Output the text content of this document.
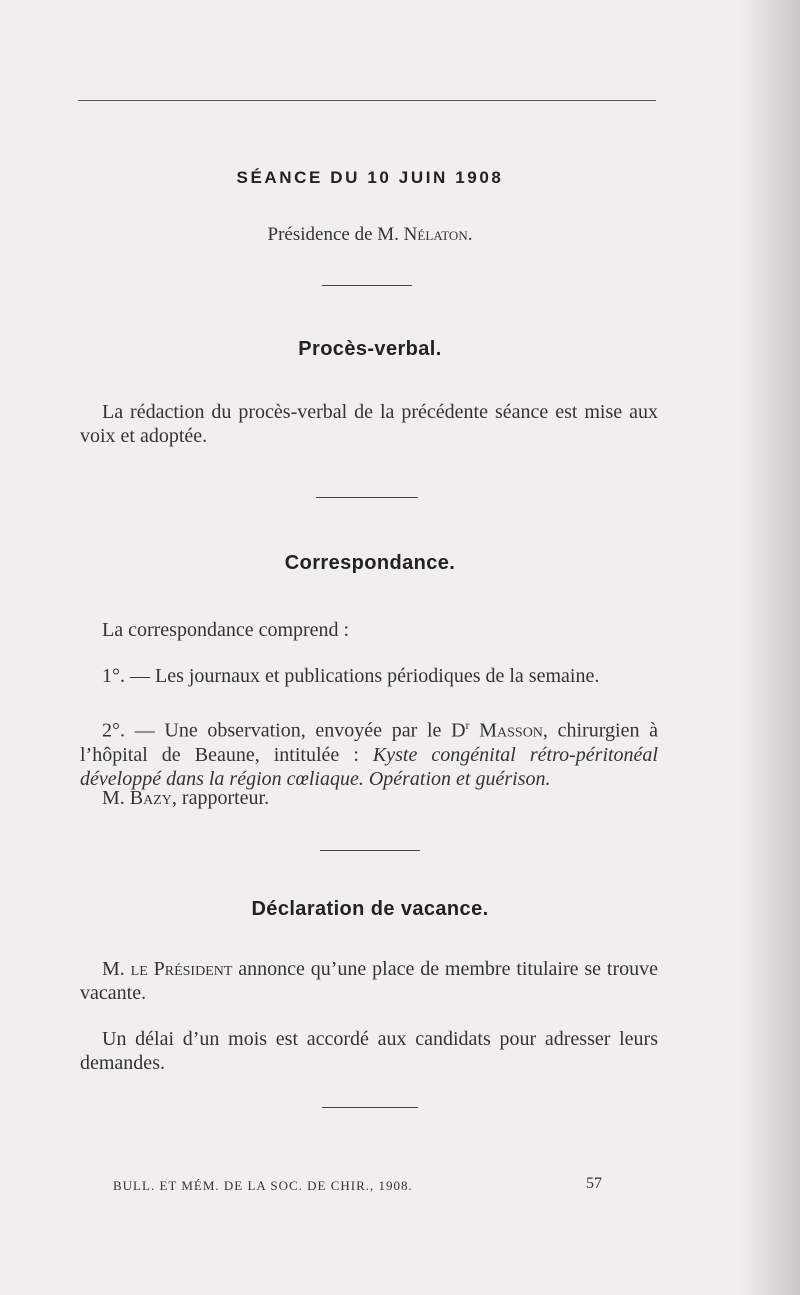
SÉANCE DU 10 JUIN 1908
Présidence de M. Nélaton.
Procès-verbal.
La rédaction du procès-verbal de la précédente séance est mise aux voix et adoptée.
Correspondance.
La correspondance comprend :
1°. — Les journaux et publications périodiques de la semaine.
2°. — Une observation, envoyée par le $D^r$ Masson, chirurgien à l’hôpital de Beaune, intitulée : Kyste congénital rétro-péritonéal développé dans la région cœliaque. Opération et guérison.
M. Bazy, rapporteur.
Déclaration de vacance.
M. le Président annonce qu’une place de membre titulaire se trouve vacante.
Un délai d’un mois est accordé aux candidats pour adresser leurs demandes.
BULL. ET MÉM. DE LA SOC. DE CHIR., 1908.	57
